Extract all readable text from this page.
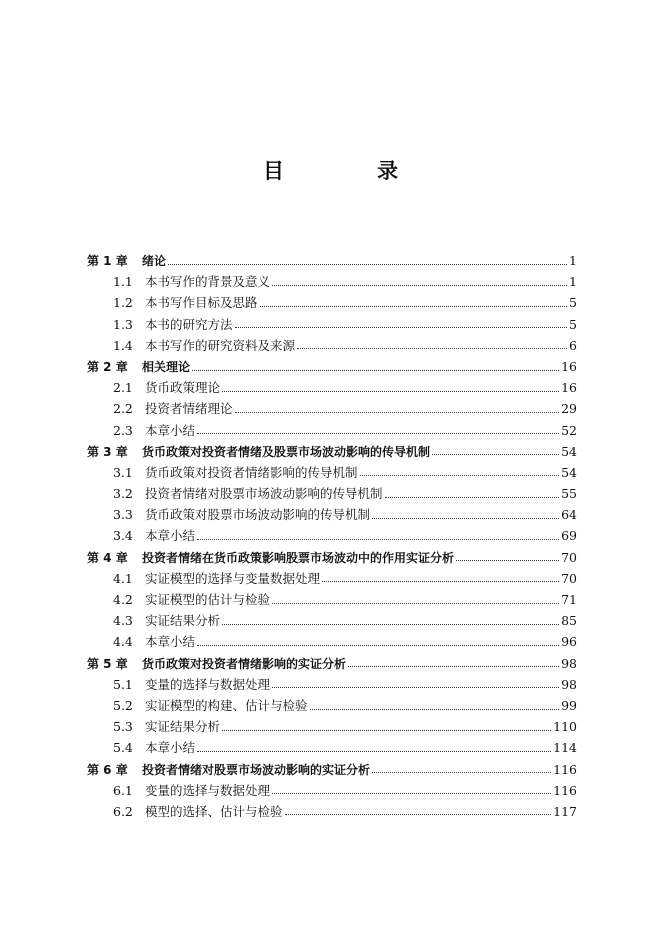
目　录
第 1 章	绪论	1
1.1 本书写作的背景及意义	1
1.2 本书写作目标及思路	5
1.3 本书的研究方法	5
1.4 本书写作的研究资料及来源	6
第 2 章	相关理论	16
2.1 货币政策理论	16
2.2 投资者情绪理论	29
2.3 本章小结	52
第 3 章	货币政策对投资者情绪及股票市场波动影响的传导机制	54
3.1 货币政策对投资者情绪影响的传导机制	54
3.2 投资者情绪对股票市场波动影响的传导机制	55
3.3 货币政策对股票市场波动影响的传导机制	64
3.4 本章小结	69
第 4 章	投资者情绪在货币政策影响股票市场波动中的作用实证分析	70
4.1 实证模型的选择与变量数据处理	70
4.2 实证模型的估计与检验	71
4.3 实证结果分析	85
4.4 本章小结	96
第 5 章	货币政策对投资者情绪影响的实证分析	98
5.1 变量的选择与数据处理	98
5.2 实证模型的构建、估计与检验	99
5.3 实证结果分析	110
5.4 本章小结	114
第 6 章	投资者情绪对股票市场波动影响的实证分析	116
6.1 变量的选择与数据处理	116
6.2 模型的选择、估计与检验	117
